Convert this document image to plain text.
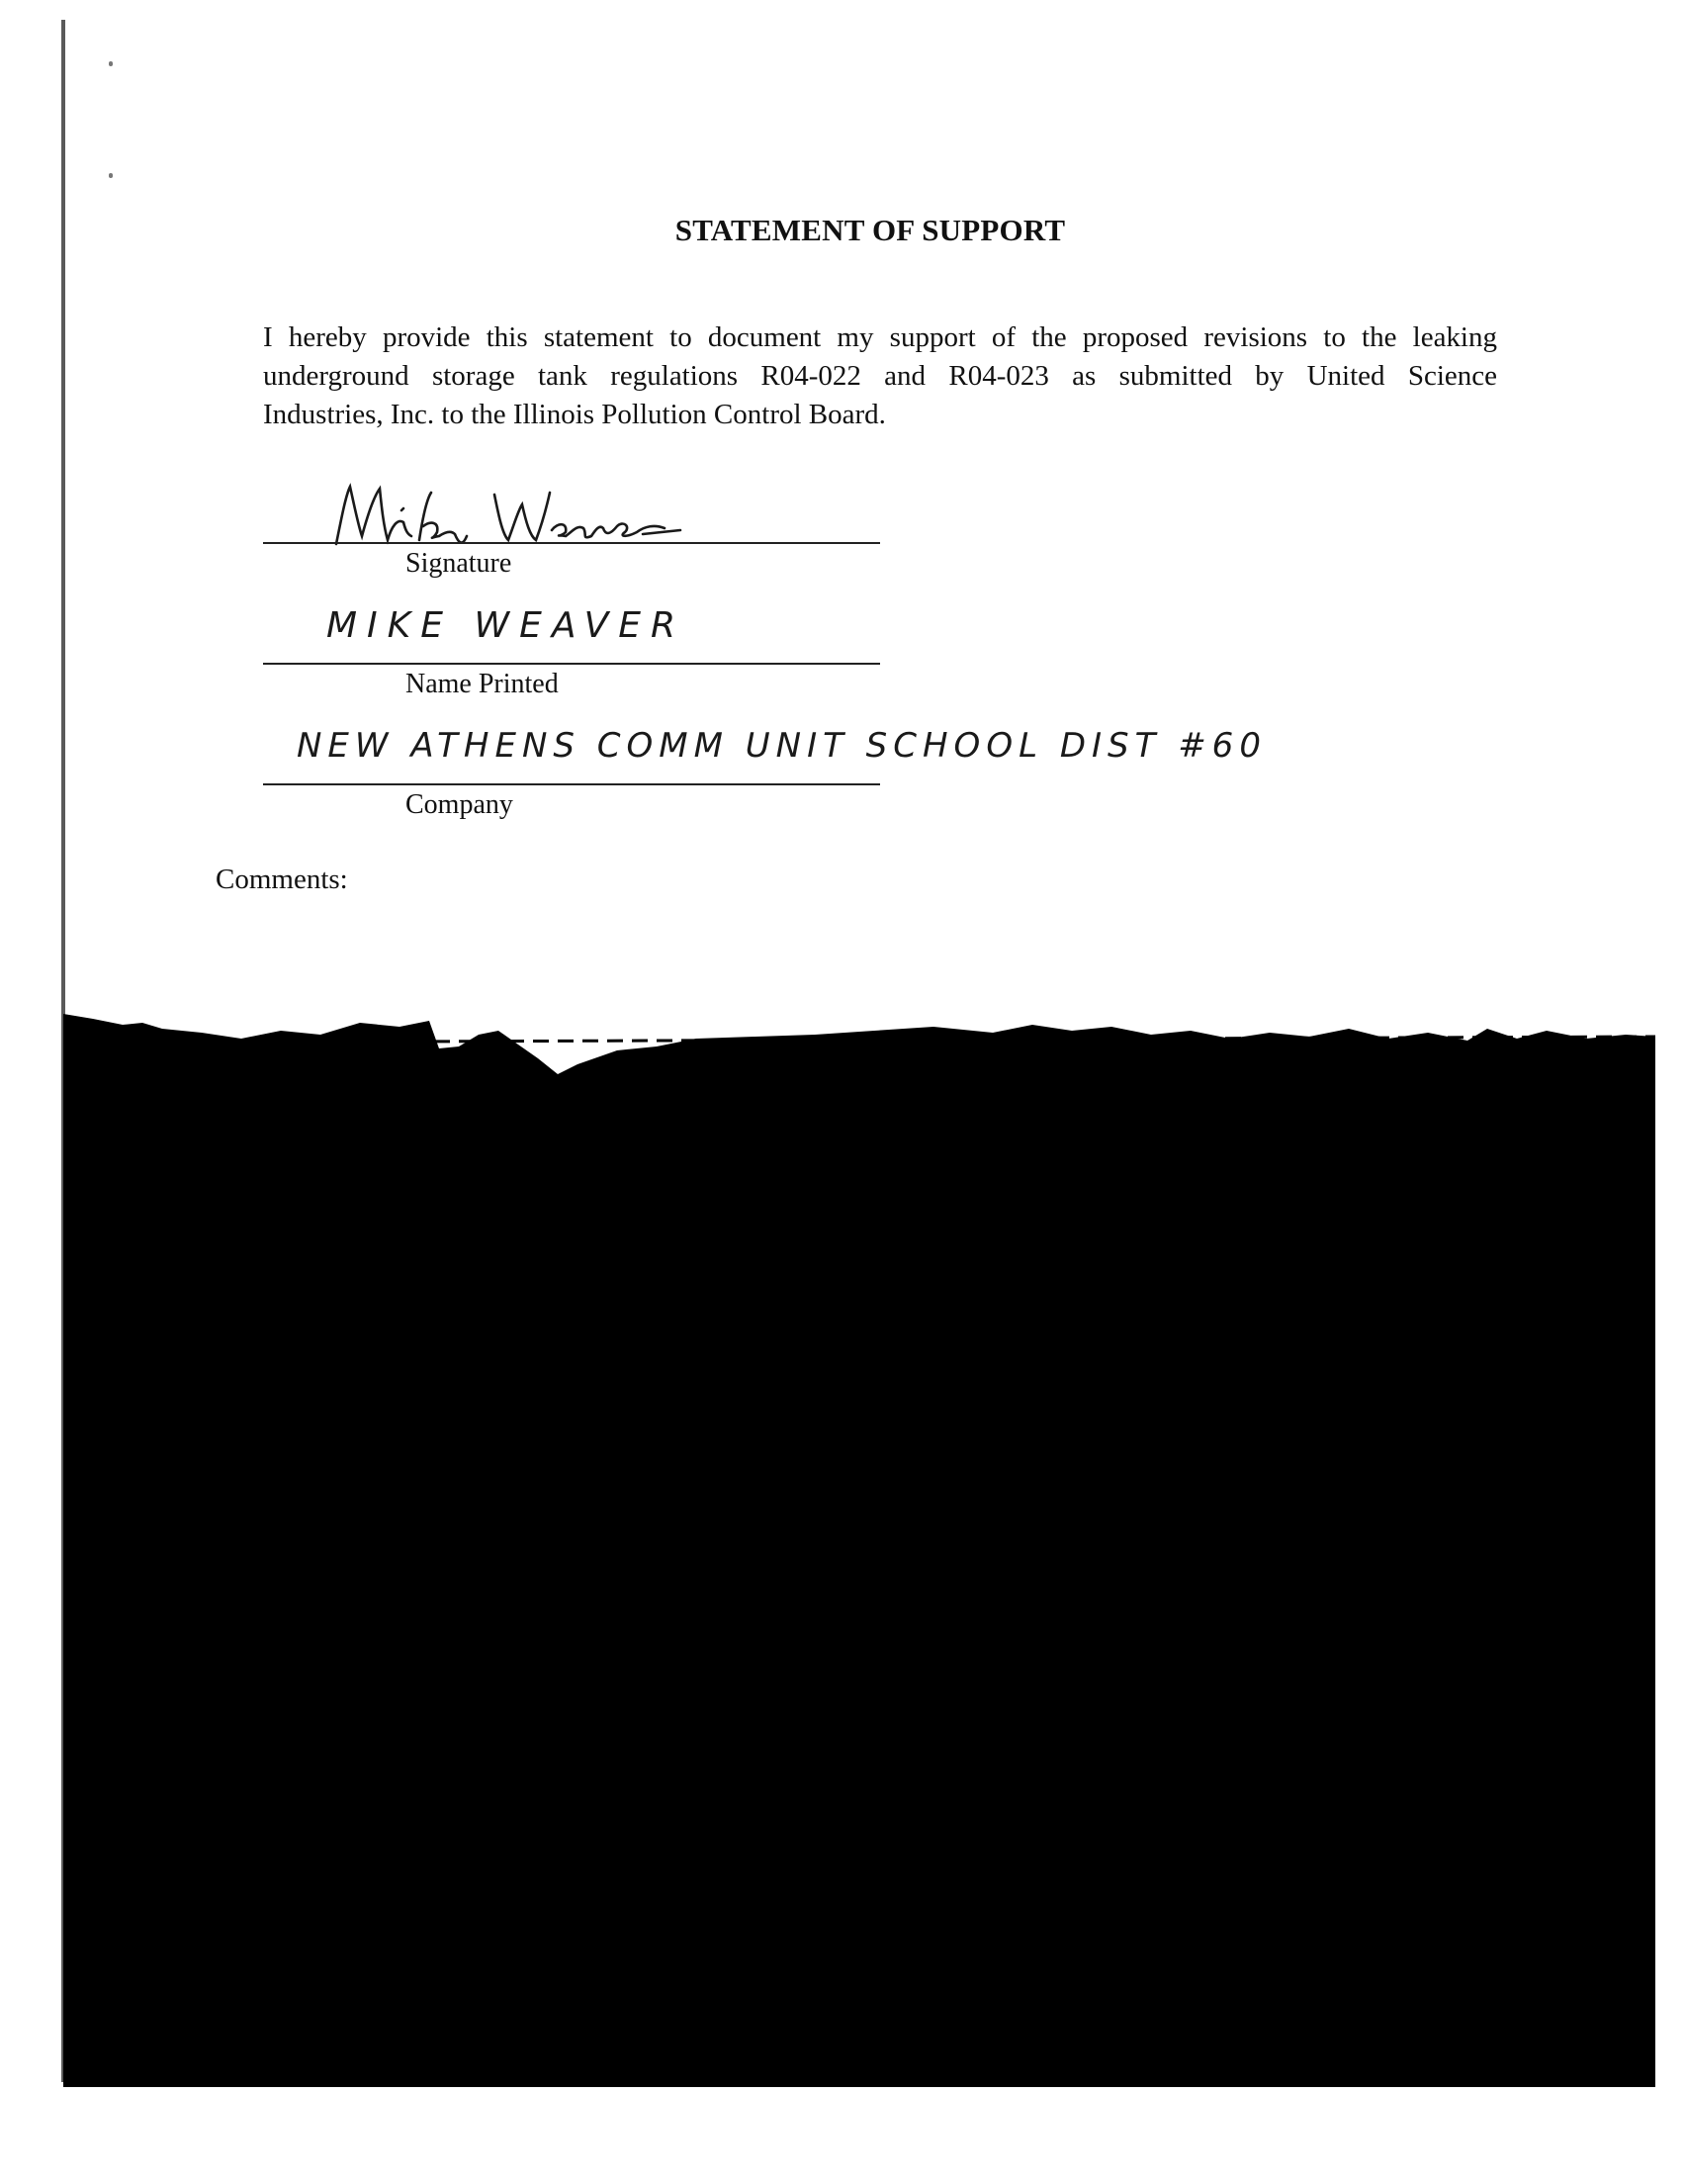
STATEMENT OF SUPPORT
I hereby provide this statement to document my support of the proposed revisions to the leaking
underground storage tank regulations R04-022 and R04-023 as submitted by United Science
Industries, Inc. to the Illinois Pollution Control Board.
Signature
MIKE WEAVER
Name Printed
NEW ATHENS COMM UNIT SCHOOL DIST #60
Company
Comments:
